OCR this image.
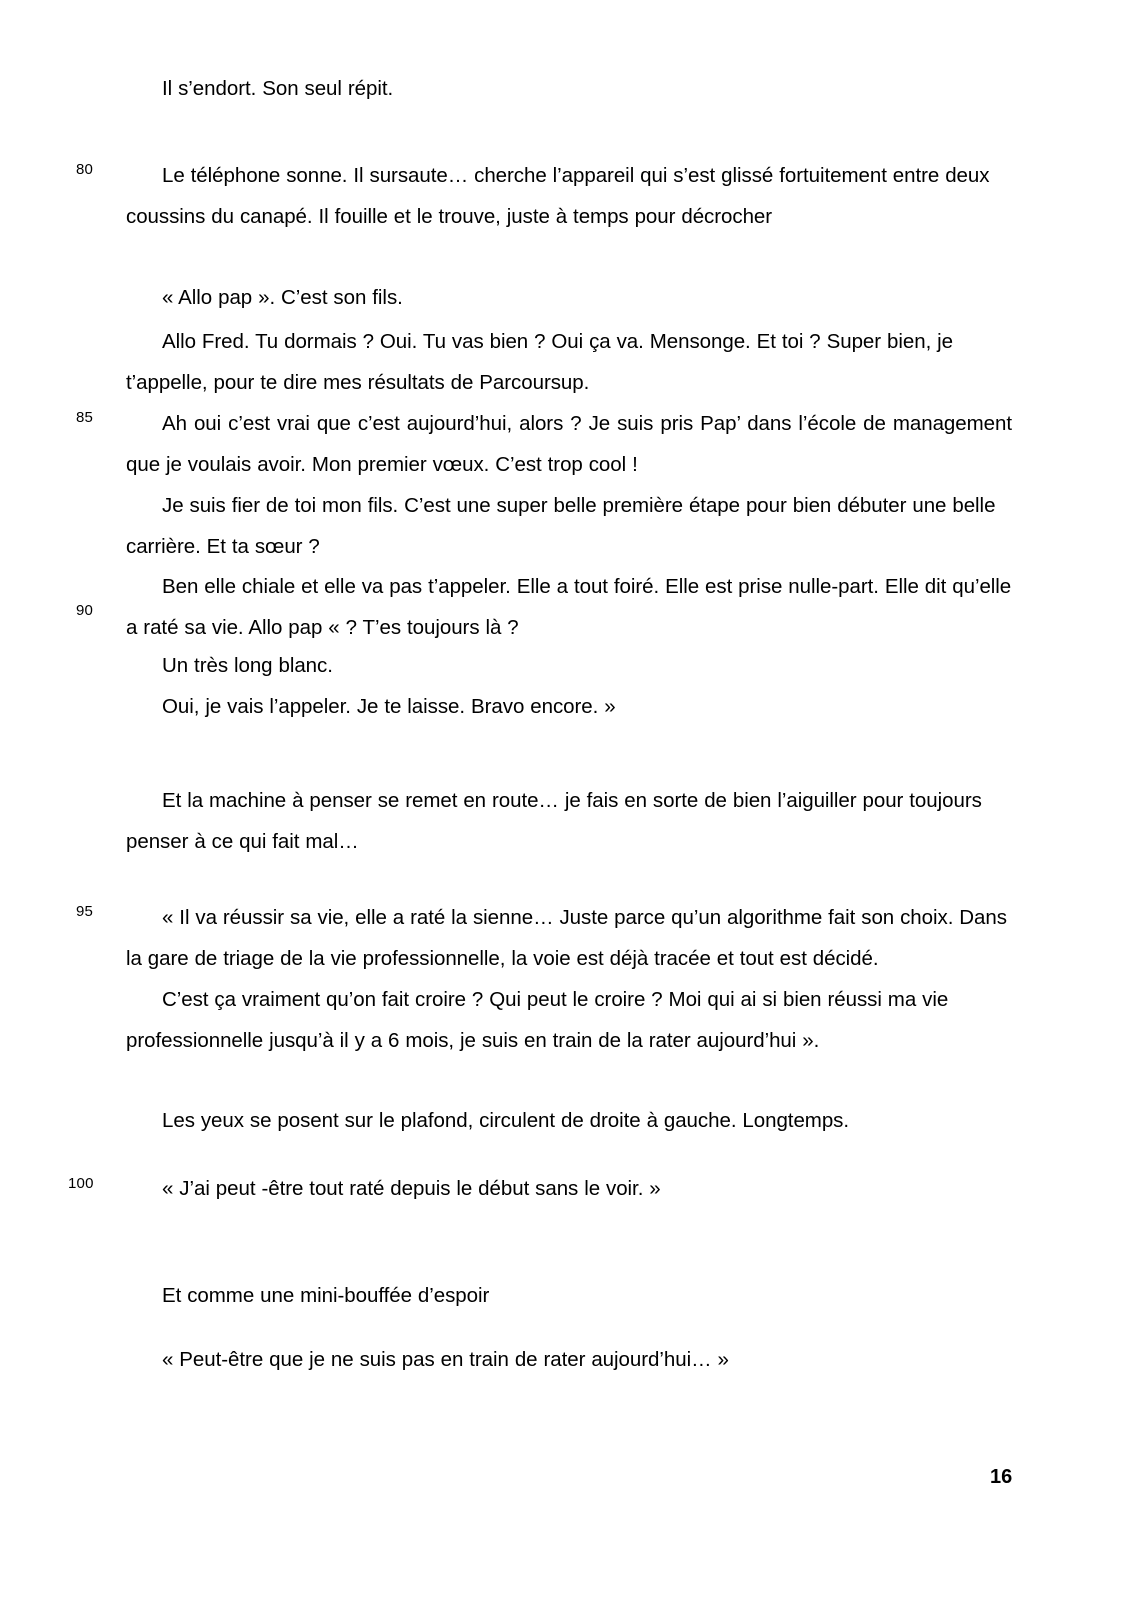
80
85
90
95
100

Il s’endort. Son seul répit.

Le téléphone sonne. Il sursaute… cherche l’appareil qui s’est glissé fortuitement entre deux coussins du canapé. Il fouille et le trouve, juste à temps pour décrocher

« Allo pap ». C’est son fils.

Allo Fred. Tu dormais ? Oui. Tu vas bien ? Oui ça va. Mensonge. Et toi ? Super bien, je t’appelle, pour te dire mes résultats de Parcoursup.

Ah oui c’est vrai que c’est aujourd’hui, alors ? Je suis pris Pap’ dans l’école de management que je voulais avoir. Mon premier vœux. C’est trop cool !

Je suis fier de toi mon fils. C’est une super belle première étape pour bien débuter une belle carrière. Et ta sœur ?

Ben elle chiale et elle va pas t’appeler. Elle a tout foiré. Elle est prise nulle-part. Elle dit qu’elle a raté sa vie. Allo pap « ? T’es toujours là ?

Un très long blanc.

Oui, je vais l’appeler. Je te laisse. Bravo encore. »

Et la machine à penser se remet en route… je fais en sorte de bien l’aiguiller pour toujours penser à ce qui fait mal…

« Il va réussir sa vie, elle a raté la sienne… Juste parce qu’un algorithme fait son choix. Dans la gare de triage de la vie professionnelle, la voie est déjà tracée et tout est décidé.

C’est ça vraiment qu’on fait croire ? Qui peut le croire ? Moi qui ai si bien réussi ma vie professionnelle jusqu’à il y a 6 mois, je suis en train de la rater aujourd’hui ».

Les yeux se posent sur le plafond, circulent de droite à gauche. Longtemps.

« J’ai peut -être tout raté depuis le début sans le voir. »

Et comme une mini-bouffée d’espoir

« Peut-être que je ne suis pas en train de rater aujourd’hui… »

16
